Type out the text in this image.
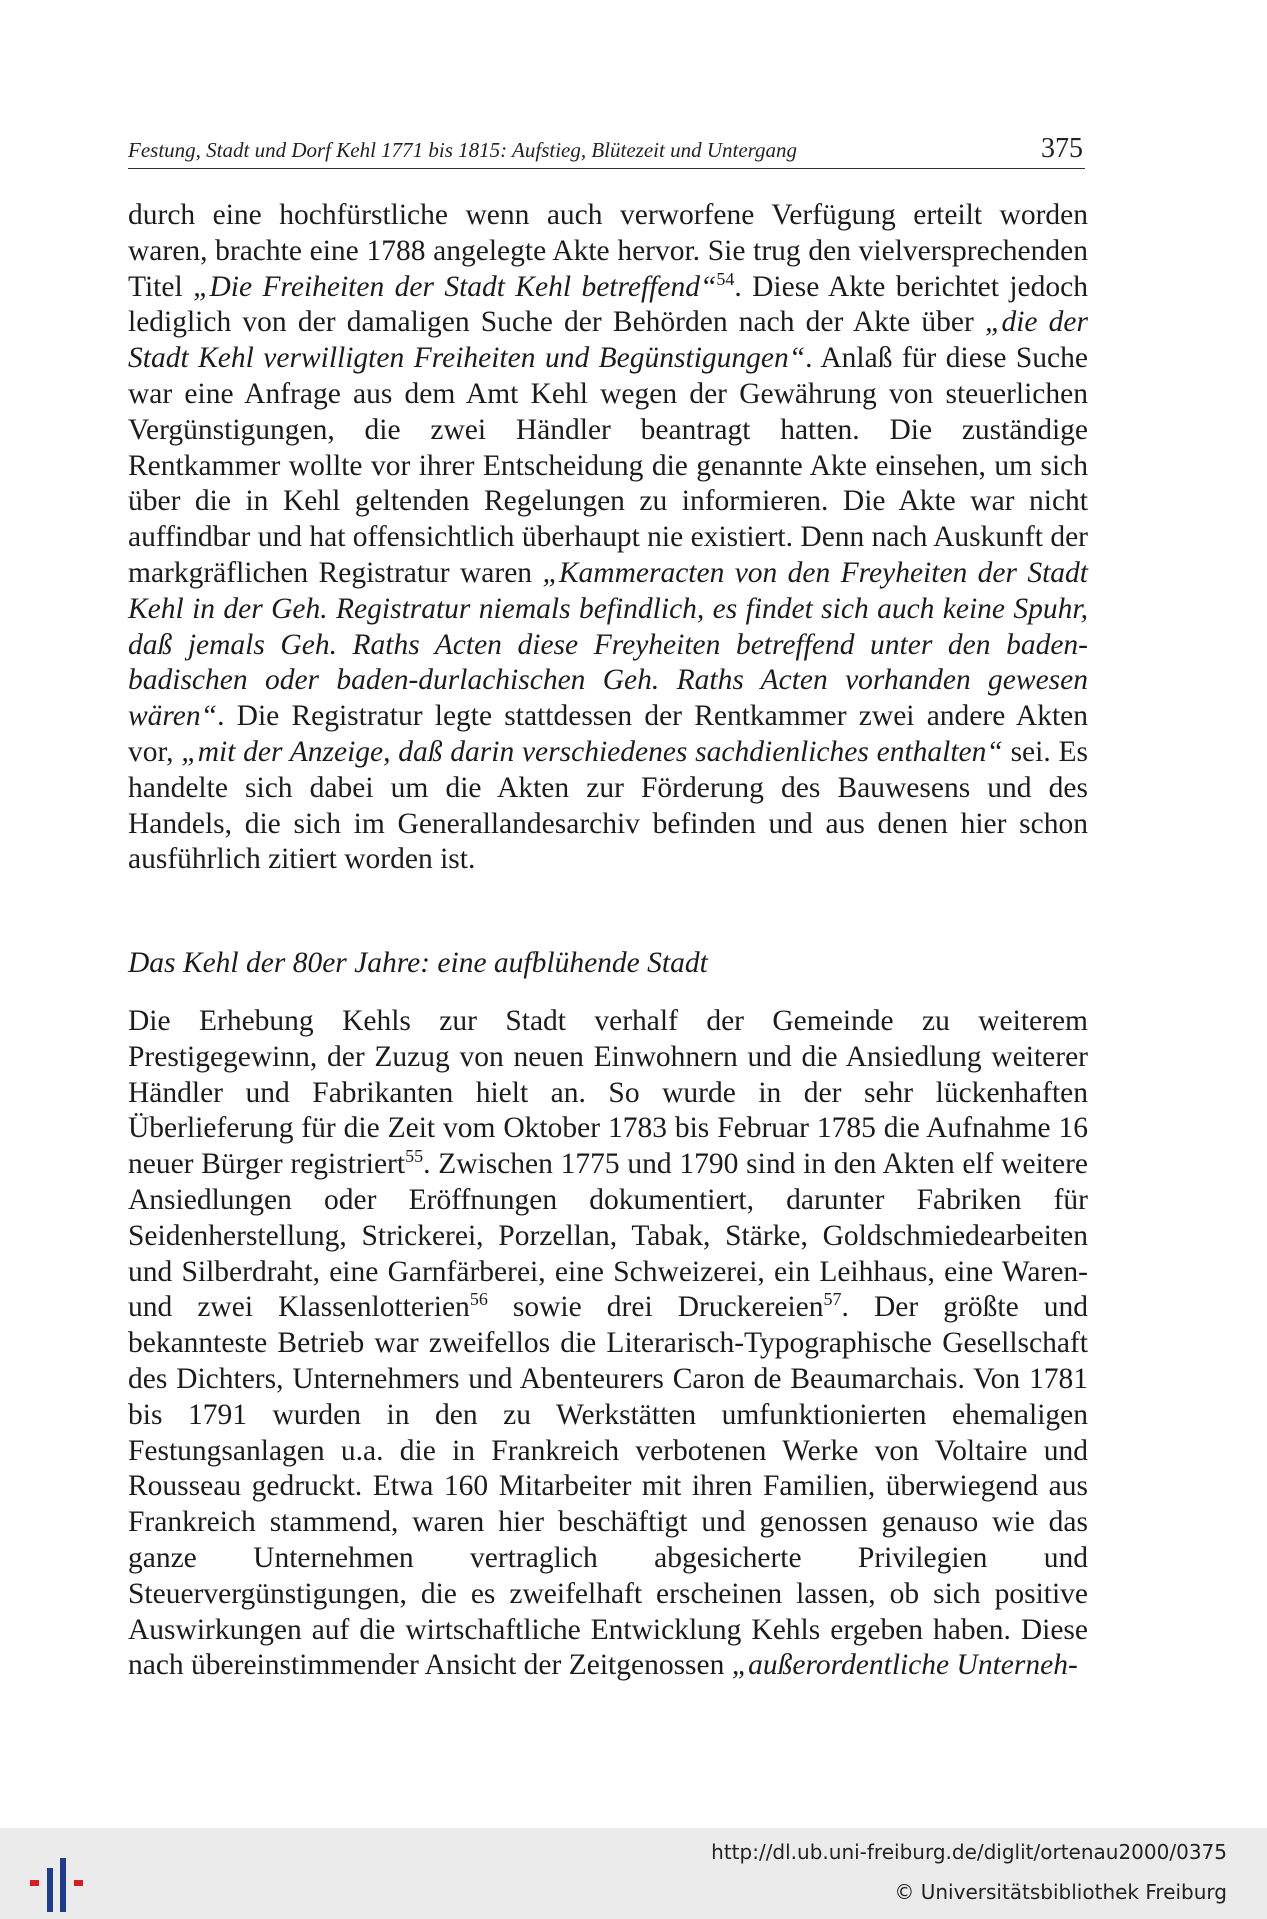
Festung, Stadt und Dorf Kehl 1771 bis 1815: Aufstieg, Blütezeit und Untergang	375

durch eine hochfürstliche wenn auch verworfene Verfügung erteilt worden waren, brachte eine 1788 angelegte Akte hervor. Sie trug den vielversprechenden Titel „Die Freiheiten der Stadt Kehl betreffend“$^{54}$. Diese Akte berichtet jedoch lediglich von der damaligen Suche der Behörden nach der Akte über „die der Stadt Kehl verwilligten Freiheiten und Begünstigungen“. Anlaß für diese Suche war eine Anfrage aus dem Amt Kehl wegen der Gewährung von steuerlichen Vergünstigungen, die zwei Händler beantragt hatten. Die zuständige Rentkammer wollte vor ihrer Entscheidung die genannte Akte einsehen, um sich über die in Kehl geltenden Regelungen zu informieren. Die Akte war nicht auffindbar und hat offensichtlich überhaupt nie existiert. Denn nach Auskunft der markgräflichen Registratur waren „Kammeracten von den Freyheiten der Stadt Kehl in der Geh. Registratur niemals befindlich, es findet sich auch keine Spuhr, daß jemals Geh. Raths Acten diese Freyheiten betreffend unter den baden-badischen oder baden-durlachischen Geh. Raths Acten vorhanden gewesen wären“. Die Registratur legte stattdessen der Rentkammer zwei andere Akten vor, „mit der Anzeige, daß darin verschiedenes sachdienliches enthalten“ sei. Es handelte sich dabei um die Akten zur Förderung des Bauwesens und des Handels, die sich im Generallandesarchiv befinden und aus denen hier schon ausführlich zitiert worden ist.

Das Kehl der 80er Jahre: eine aufblühende Stadt

Die Erhebung Kehls zur Stadt verhalf der Gemeinde zu weiterem Prestigegewinn, der Zuzug von neuen Einwohnern und die Ansiedlung weiterer Händler und Fabrikanten hielt an. So wurde in der sehr lückenhaften Überlieferung für die Zeit vom Oktober 1783 bis Februar 1785 die Aufnahme 16 neuer Bürger registriert$^{55}$. Zwischen 1775 und 1790 sind in den Akten elf weitere Ansiedlungen oder Eröffnungen dokumentiert, darunter Fabriken für Seidenherstellung, Strickerei, Porzellan, Tabak, Stärke, Goldschmiedearbeiten und Silberdraht, eine Garnfärberei, eine Schweizerei, ein Leihhaus, eine Waren- und zwei Klassenlotterien$^{56}$ sowie drei Druckereien$^{57}$. Der größte und bekannteste Betrieb war zweifellos die Literarisch-Typographische Gesellschaft des Dichters, Unternehmers und Abenteurers Caron de Beaumarchais. Von 1781 bis 1791 wurden in den zu Werkstätten umfunktionierten ehemaligen Festungsanlagen u.a. die in Frankreich verbotenen Werke von Voltaire und Rousseau gedruckt. Etwa 160 Mitarbeiter mit ihren Familien, überwiegend aus Frankreich stammend, waren hier beschäftigt und genossen genauso wie das ganze Unternehmen vertraglich abgesicherte Privilegien und Steuervergünstigungen, die es zweifelhaft erscheinen lassen, ob sich positive Auswirkungen auf die wirtschaftliche Entwicklung Kehls ergeben haben. Diese nach übereinstimmender Ansicht der Zeitgenossen „außerordentliche Unterneh-

http://dl.ub.uni-freiburg.de/diglit/ortenau2000/0375
© Universitätsbibliothek Freiburg
